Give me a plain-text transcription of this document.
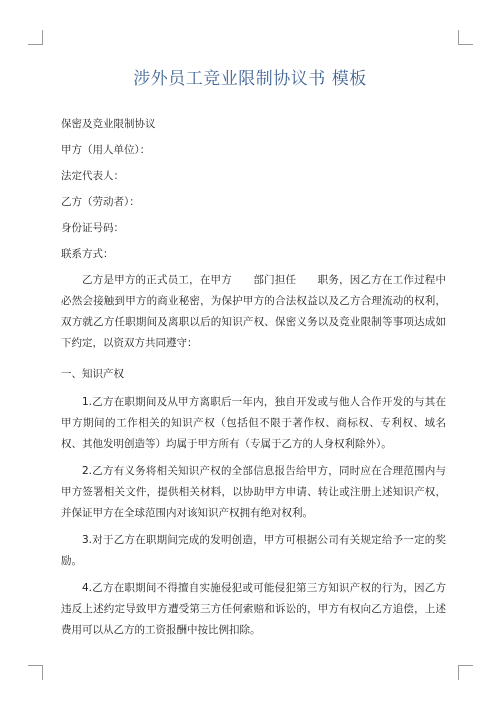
涉外员工竞业限制协议书 模板
保密及竞业限制协议
甲方（用人单位）：
法定代表人：
乙方（劳动者）：
身份证号码：
联系方式：
乙方是甲方的正式员工，在甲方　　部门担任　　职务，因乙方在工作过程中必然会接触到甲方的商业秘密，为保护甲方的合法权益以及乙方合理流动的权利，双方就乙方任职期间及离职以后的知识产权、保密义务以及竞业限制等事项达成如下约定，以资双方共同遵守：
一、知识产权
1.乙方在职期间及从甲方离职后一年内，独自开发或与他人合作开发的与其在甲方期间的工作相关的知识产权（包括但不限于著作权、商标权、专利权、域名权、其他发明创造等）均属于甲方所有（专属于乙方的人身权利除外）。
2.乙方有义务将相关知识产权的全部信息报告给甲方，同时应在合理范围内与甲方签署相关文件，提供相关材料，以协助甲方申请、转让或注册上述知识产权，并保证甲方在全球范围内对该知识产权拥有绝对权利。
3.对于乙方在职期间完成的发明创造，甲方可根据公司有关规定给予一定的奖励。
4.乙方在职期间不得擅自实施侵犯或可能侵犯第三方知识产权的行为，因乙方违反上述约定导致甲方遭受第三方任何索赔和诉讼的，甲方有权向乙方追偿，上述费用可以从乙方的工资报酬中按比例扣除。
